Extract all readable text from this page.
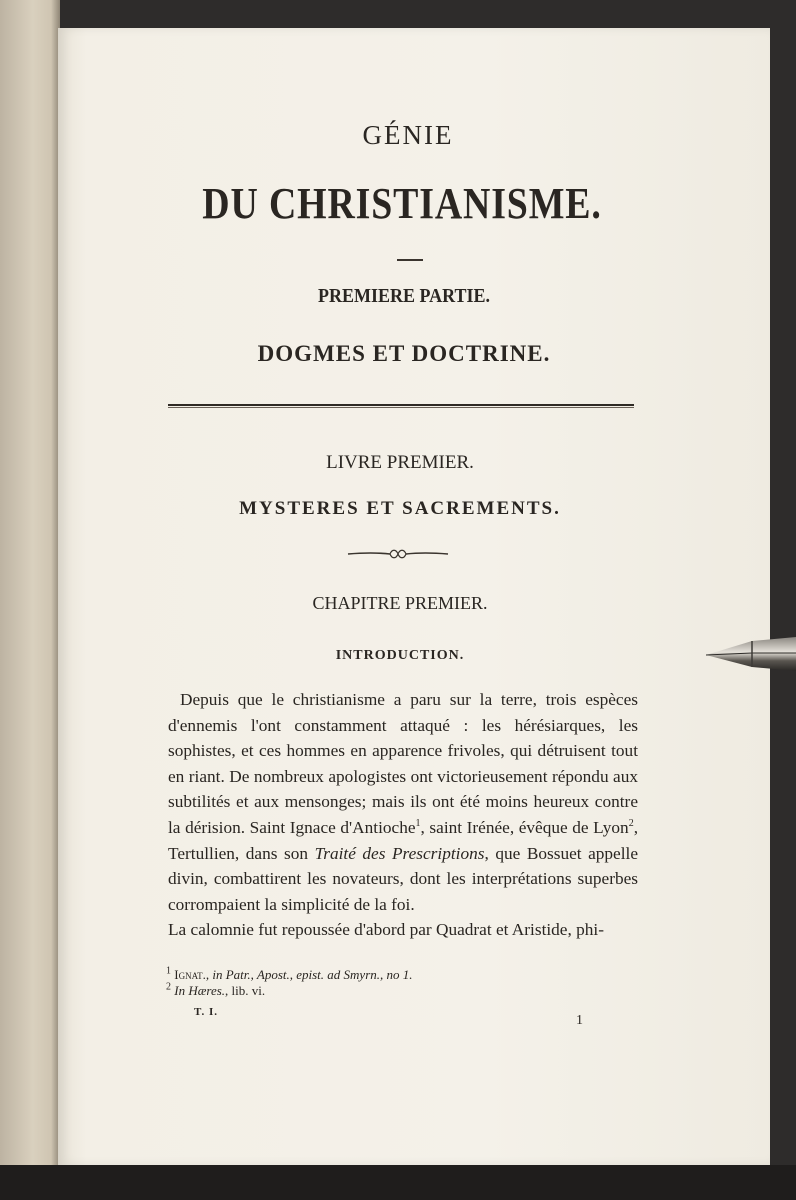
GÉNIE
DU CHRISTIANISME.
PREMIERE PARTIE.
DOGMES ET DOCTRINE.
LIVRE PREMIER.
MYSTERES ET SACREMENTS.
CHAPITRE PREMIER.
INTRODUCTION.

Depuis que le christianisme a paru sur la terre, trois espèces d'ennemis l'ont constamment attaqué : les hérésiarques, les sophistes, et ces hommes en apparence frivoles, qui détruisent tout en riant. De nombreux apologistes ont victorieusement répondu aux subtilités et aux mensonges; mais ils ont été moins heureux contre la dérision. Saint Ignace d'Antioche$^1$, saint Irénée, évêque de Lyon$^2$, Tertullien, dans son Traité des Prescriptions, que Bossuet appelle divin, combattirent les novateurs, dont les interprétations superbes corrompaient la simplicité de la foi.

La calomnie fut repoussée d'abord par Quadrat et Aristide, phi-

$^1$ Ignat., in Patr., Apost., epist. ad Smyrn., no 1.
$^2$ In Hæres., lib. vi.
T. I.
1
